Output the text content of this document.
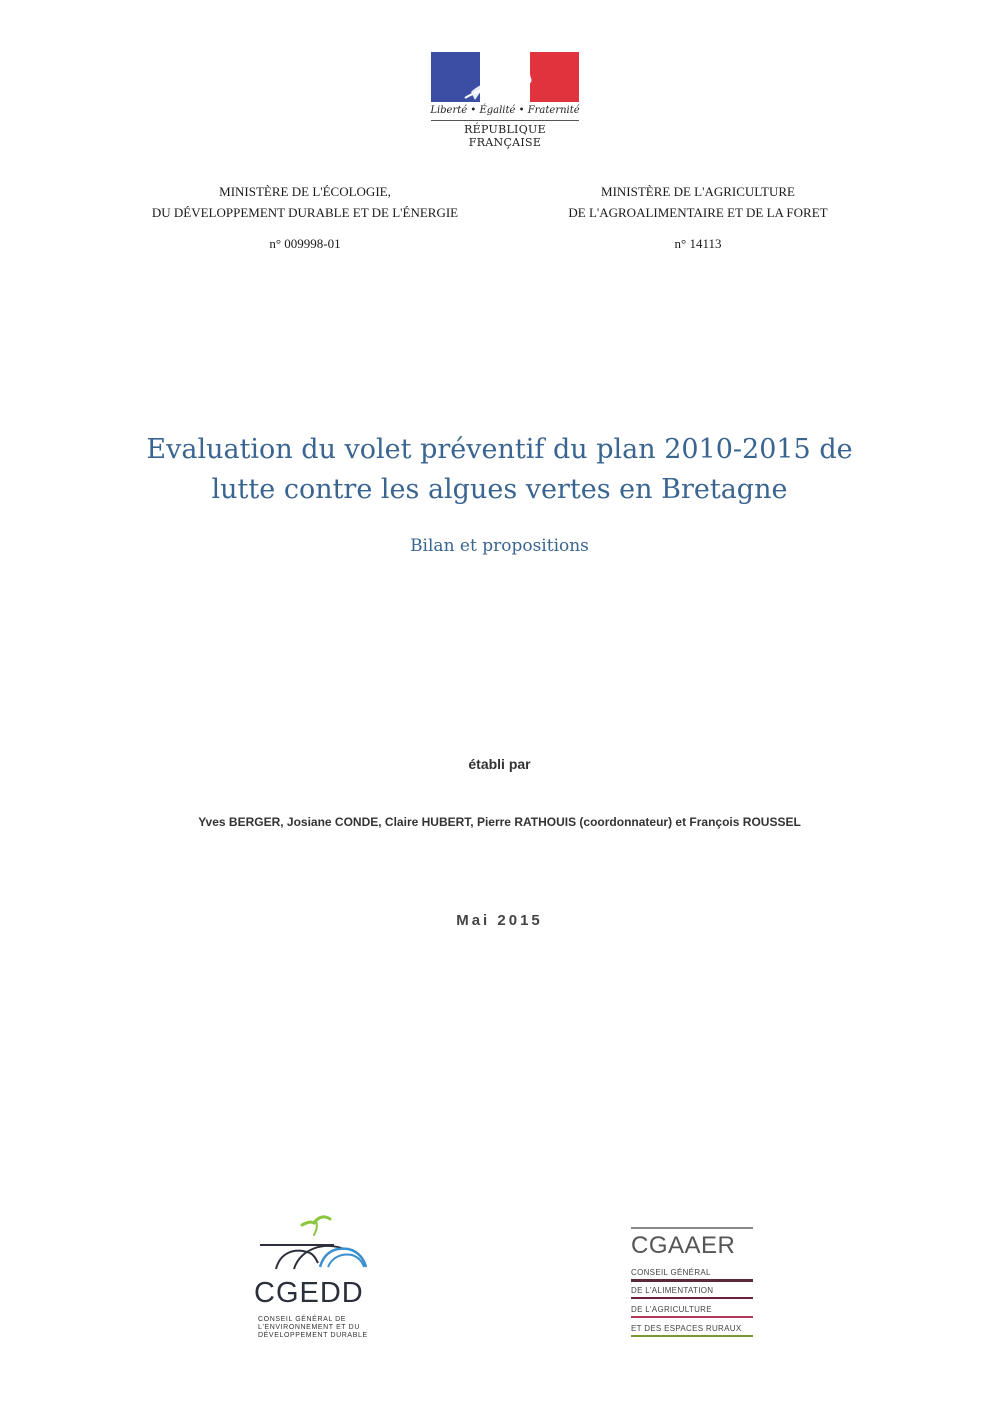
Liberté • Égalité • Fraternité
RÉPUBLIQUE FRANÇAISE
MINISTÈRE DE L'ÉCOLOGIE,
DU DÉVELOPPEMENT DURABLE ET DE L'ÉNERGIE
n° 009998-01
MINISTÈRE DE L'AGRICULTURE
DE L'AGROALIMENTAIRE ET DE LA FORET
n° 14113
Evaluation du volet préventif du plan 2010-2015 de
lutte contre les algues vertes en Bretagne
Bilan et propositions
établi par
Yves BERGER, Josiane CONDE, Claire HUBERT, Pierre RATHOUIS (coordonnateur) et François ROUSSEL
Mai 2015
CGEDD
CONSEIL GÉNÉRAL DE
L'ENVIRONNEMENT ET DU
DÉVELOPPEMENT DURABLE
CGAAER
CONSEIL GÉNÉRAL
DE L'ALIMENTATION
DE L'AGRICULTURE
ET DES ESPACES RURAUX
